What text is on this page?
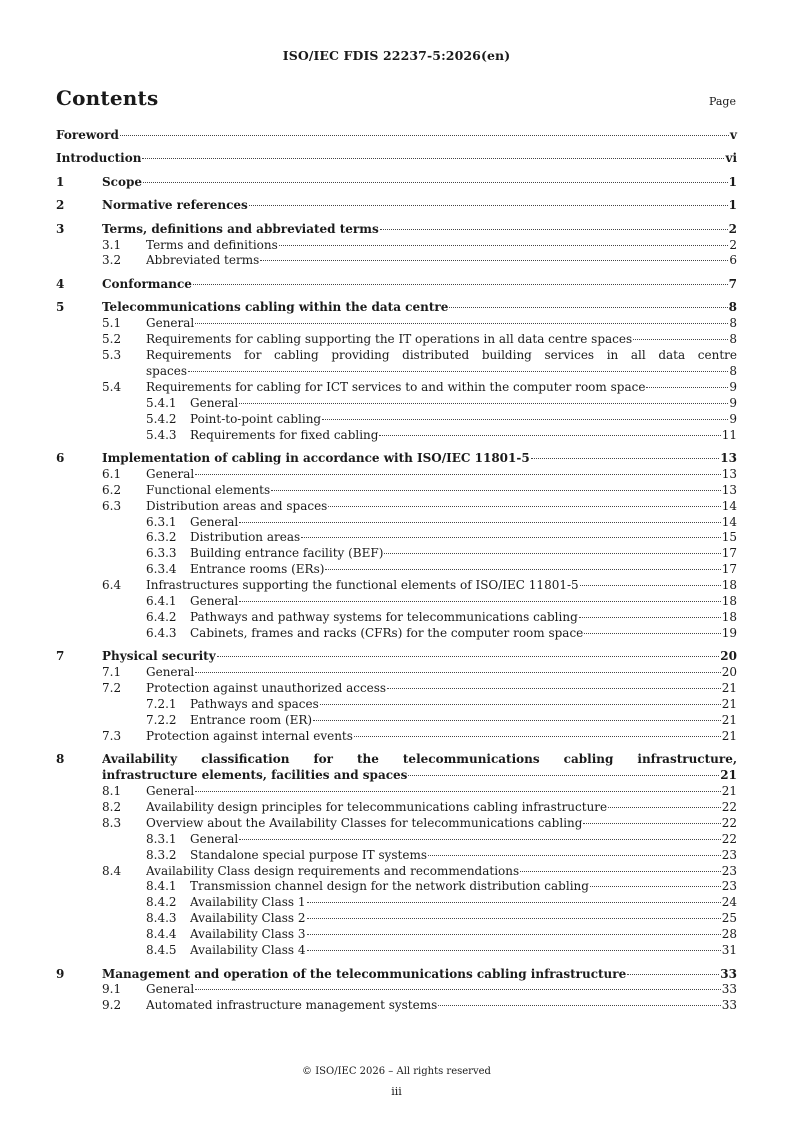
ISO/IEC FDIS 22237-5:2026(en)
Contents	Page
Foreword	v
Introduction	vi
1	Scope	1
2	Normative references	1
3	Terms, definitions and abbreviated terms	2
3.1	Terms and definitions	2
3.2	Abbreviated terms	6
4	Conformance	7
5	Telecommunications cabling within the data centre	8
5.1	General	8
5.2	Requirements for cabling supporting the IT operations in all data centre spaces	8
5.3	Requirements for cabling providing distributed building services in all data centre
spaces	8
5.4	Requirements for cabling for ICT services to and within the computer room space	9
5.4.1	General	9
5.4.2	Point-to-point cabling	9
5.4.3	Requirements for fixed cabling	11
6	Implementation of cabling in accordance with ISO/IEC 11801-5	13
6.1	General	13
6.2	Functional elements	13
6.3	Distribution areas and spaces	14
6.3.1	General	14
6.3.2	Distribution areas	15
6.3.3	Building entrance facility (BEF)	17
6.3.4	Entrance rooms (ERs)	17
6.4	Infrastructures supporting the functional elements of ISO/IEC 11801-5	18
6.4.1	General	18
6.4.2	Pathways and pathway systems for telecommunications cabling	18
6.4.3	Cabinets, frames and racks (CFRs) for the computer room space	19
7	Physical security	20
7.1	General	20
7.2	Protection against unauthorized access	21
7.2.1	Pathways and spaces	21
7.2.2	Entrance room (ER)	21
7.3	Protection against internal events	21
8	Availability classification for the telecommunications cabling infrastructure,
infrastructure elements, facilities and spaces	21
8.1	General	21
8.2	Availability design principles for telecommunications cabling infrastructure	22
8.3	Overview about the Availability Classes for telecommunications cabling	22
8.3.1	General	22
8.3.2	Standalone special purpose IT systems	23
8.4	Availability Class design requirements and recommendations	23
8.4.1	Transmission channel design for the network distribution cabling	23
8.4.2	Availability Class 1	24
8.4.3	Availability Class 2	25
8.4.4	Availability Class 3	28
8.4.5	Availability Class 4	31
9	Management and operation of the telecommunications cabling infrastructure	33
9.1	General	33
9.2	Automated infrastructure management systems	33
© ISO/IEC 2026 – All rights reserved
iii
